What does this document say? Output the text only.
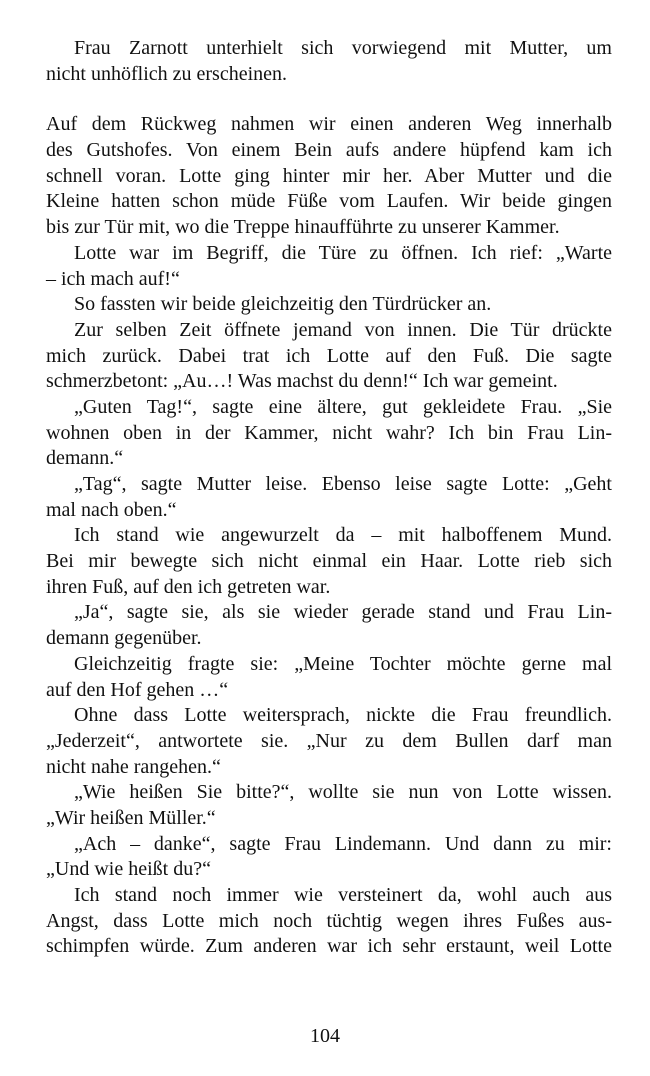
Frau Zarnott unterhielt sich vorwiegend mit Mutter, um
nicht unhöflich zu erscheinen.
Auf dem Rückweg nahmen wir einen anderen Weg innerhalb
des Gutshofes. Von einem Bein aufs andere hüpfend kam ich
schnell voran. Lotte ging hinter mir her. Aber Mutter und die
Kleine hatten schon müde Füße vom Laufen. Wir beide gingen
bis zur Tür mit, wo die Treppe hinaufführte zu unserer Kammer.
Lotte war im Begriff, die Türe zu öffnen. Ich rief: „Warte
– ich mach auf!“
So fassten wir beide gleichzeitig den Türdrücker an.
Zur selben Zeit öffnete jemand von innen. Die Tür drückte
mich zurück. Dabei trat ich Lotte auf den Fuß. Die sagte
schmerzbetont: „Au…! Was machst du denn!“ Ich war gemeint.
„Guten Tag!“, sagte eine ältere, gut gekleidete Frau. „Sie
wohnen oben in der Kammer, nicht wahr? Ich bin Frau Lin-
demann.“
„Tag“, sagte Mutter leise. Ebenso leise sagte Lotte: „Geht
mal nach oben.“
Ich stand wie angewurzelt da – mit halboffenem Mund.
Bei mir bewegte sich nicht einmal ein Haar. Lotte rieb sich
ihren Fuß, auf den ich getreten war.
„Ja“, sagte sie, als sie wieder gerade stand und Frau Lin-
demann gegenüber.
Gleichzeitig fragte sie: „Meine Tochter möchte gerne mal
auf den Hof gehen …“
Ohne dass Lotte weitersprach, nickte die Frau freundlich.
„Jederzeit“, antwortete sie. „Nur zu dem Bullen darf man
nicht nahe rangehen.“
„Wie heißen Sie bitte?“, wollte sie nun von Lotte wissen.
„Wir heißen Müller.“
„Ach – danke“, sagte Frau Lindemann. Und dann zu mir:
„Und wie heißt du?“
Ich stand noch immer wie versteinert da, wohl auch aus
Angst, dass Lotte mich noch tüchtig wegen ihres Fußes aus-
schimpfen würde. Zum anderen war ich sehr erstaunt, weil Lotte
104
